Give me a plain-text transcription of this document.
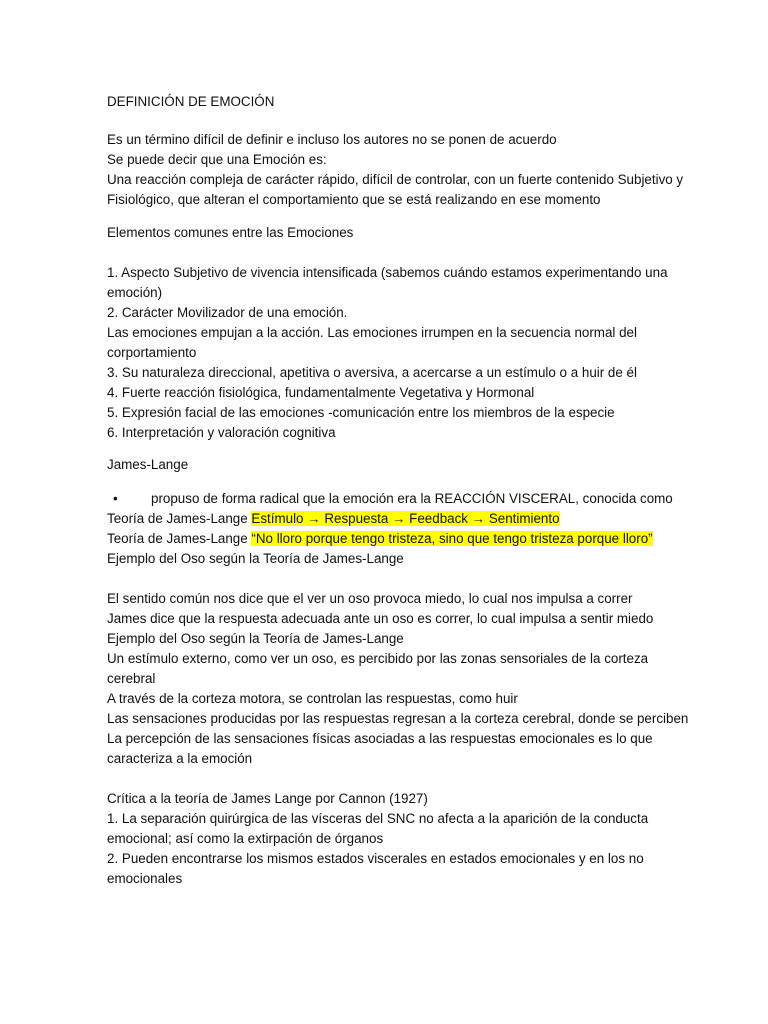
DEFINICIÓN DE EMOCIÓN
Es un término difícil de definir e incluso los autores no se ponen de acuerdo
Se puede decir que una Emoción es:
Una reacción compleja de carácter rápido, difícil de controlar, con un fuerte contenido Subjetivo y
Fisiológico, que alteran el comportamiento que se está realizando en ese momento
Elementos comunes entre las Emociones
1. Aspecto Subjetivo de vivencia intensificada (sabemos cuándo estamos experimentando una
emoción)
2. Carácter Movilizador de una emoción.
Las emociones empujan a la acción. Las emociones irrumpen en la secuencia normal del
corportamiento
3. Su naturaleza direccional, apetitiva o aversiva, a acercarse a un estímulo o a huir de él
4. Fuerte reacción fisiológica, fundamentalmente Vegetativa y Hormonal
5. Expresión facial de las emociones -comunicación entre los miembros de la especie
6. Interpretación y valoración cognitiva
James-Lange
• propuso de forma radical que la emoción era la REACCIÓN VISCERAL, conocida como
Teoría de James-Lange Estímulo → Respuesta → Feedback → Sentimiento
Teoría de James-Lange “No lloro porque tengo tristeza, sino que tengo tristeza porque lloro”
Ejemplo del Oso según la Teoría de James-Lange
El sentido común nos dice que el ver un oso provoca miedo, lo cual nos impulsa a correr
James dice que la respuesta adecuada ante un oso es correr, lo cual impulsa a sentir miedo
Ejemplo del Oso según la Teoría de James-Lange
Un estímulo externo, como ver un oso, es percibido por las zonas sensoriales de la corteza
cerebral
A través de la corteza motora, se controlan las respuestas, como huir
Las sensaciones producidas por las respuestas regresan a la corteza cerebral, donde se perciben
La percepción de las sensaciones físicas asociadas a las respuestas emocionales es lo que
caracteriza a la emoción
Crítica a la teoría de James Lange por Cannon (1927)
1. La separación quirúrgica de las vísceras del SNC no afecta a la aparición de la conducta
emocional; así como la extirpación de órganos
2. Pueden encontrarse los mismos estados viscerales en estados emocionales y en los no
emocionales
